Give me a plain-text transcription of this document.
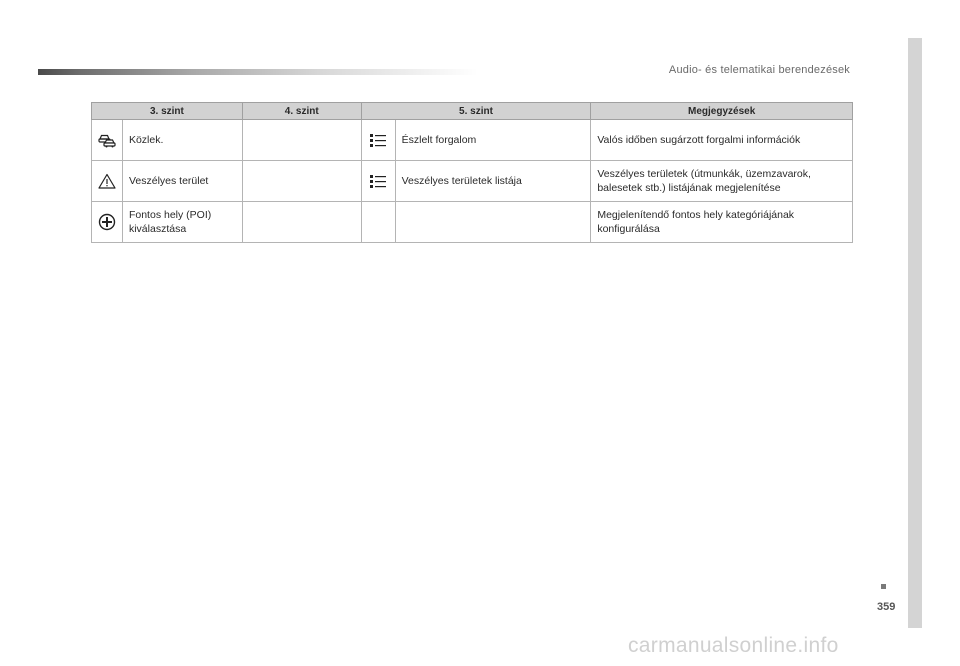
Audio- és telematikai berendezések
3. szint		4. szint	5. szint		Megjegyzések

	Közlek.			Észlelt forgalom	Valós időben sugárzott forgalmi információk

	Veszélyes terület			Veszélyes területek listája	Veszélyes területek (útmunkák, üzemzavarok, balesetek stb.) listájának megjelenítése

	Fontos hely (POI) kiválasztása				Megjelenítendő fontos hely kategóriájának konfigurálása
359
carmanualsonline.info
